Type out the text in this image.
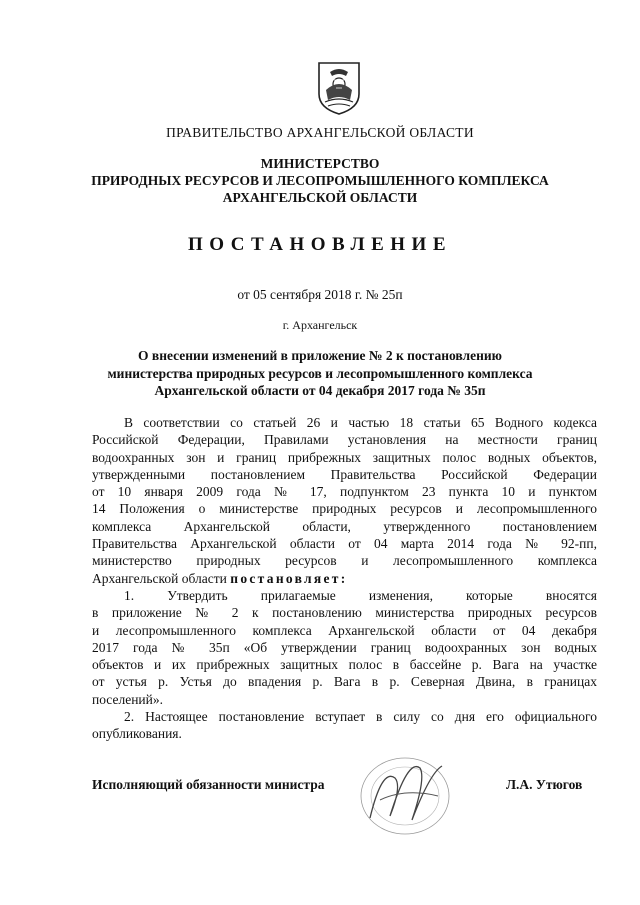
ПРАВИТЕЛЬСТВО АРХАНГЕЛЬСКОЙ ОБЛАСТИ
МИНИСТЕРСТВО
ПРИРОДНЫХ РЕСУРСОВ И ЛЕСОПРОМЫШЛЕННОГО КОМПЛЕКСА
АРХАНГЕЛЬСКОЙ ОБЛАСТИ
ПОСТАНОВЛЕНИЕ
от 05 сентября 2018 г. № 25п
г. Архангельск
О внесении изменений в приложение № 2 к постановлению
министерства природных ресурсов и лесопромышленного комплекса
Архангельской области от 04 декабря 2017 года № 35п
В соответствии со статьей 26 и частью 18 статьи 65 Водного кодекса
Российской Федерации, Правилами установления на местности границ
водоохранных зон и границ прибрежных защитных полос водных объектов,
утвержденными постановлением Правительства Российской Федерации
от 10 января 2009 года № 17, подпунктом 23 пункта 10 и пунктом
14 Положения о министерстве природных ресурсов и лесопромышленного
комплекса Архангельской области, утвержденного постановлением
Правительства Архангельской области от 04 марта 2014 года № 92-пп,
министерство природных ресурсов и лесопромышленного комплекса
Архангельской области постановляет:
1. Утвердить прилагаемые изменения, которые вносятся
в приложение № 2 к постановлению министерства природных ресурсов
и лесопромышленного комплекса Архангельской области от 04 декабря
2017 года № 35п «Об утверждении границ водоохранных зон водных
объектов и их прибрежных защитных полос в бассейне р. Вага на участке
от устья р. Устья до впадения р. Вага в р. Северная Двина, в границах
поселений».
2. Настоящее постановление вступает в силу со дня его официального
опубликования.
Исполняющий обязанности министра	Л.А. Утюгов
